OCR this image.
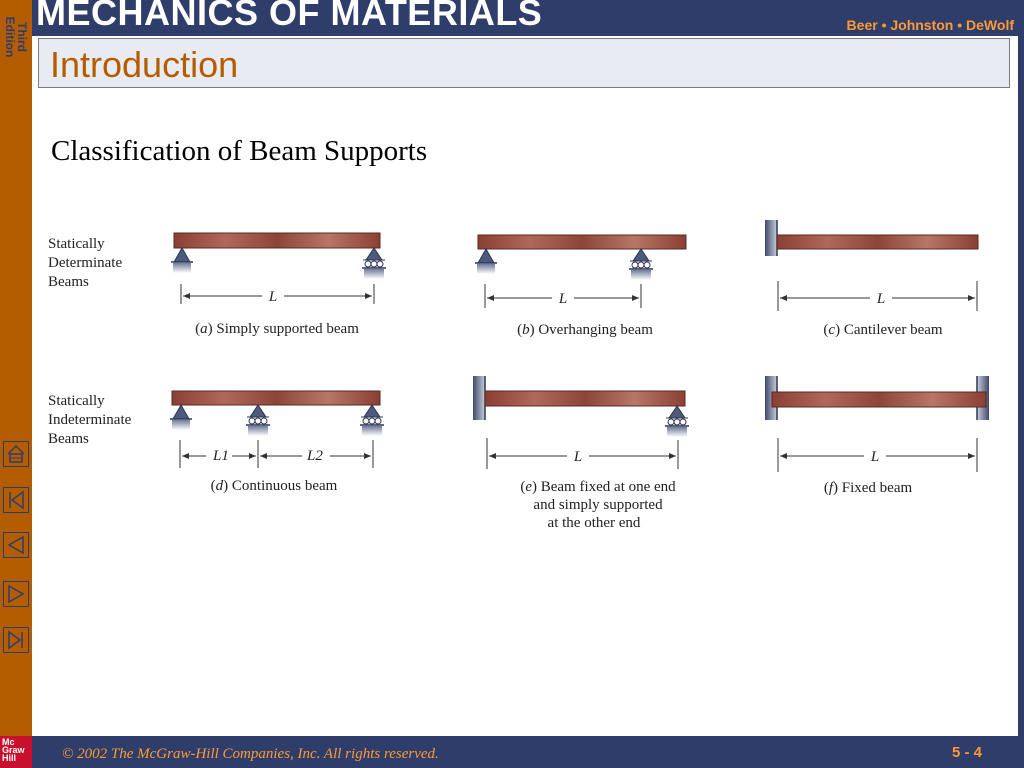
Third
Edition
MECHANICS OF MATERIALS	Beer • Johnston • DeWolf
Introduction
Classification of Beam Supports
Statically Determinate Beams
Statically Indeterminate Beams
L
(a) Simply supported beam
L
(b) Overhanging beam
L
(c) Cantilever beam
L1	L2
(d) Continuous beam
L
(e) Beam fixed at one end
and simply supported
at the other end
L
(f) Fixed beam
Mc
Graw
Hill	© 2002 The McGraw-Hill Companies, Inc. All rights reserved.	5 - 4
